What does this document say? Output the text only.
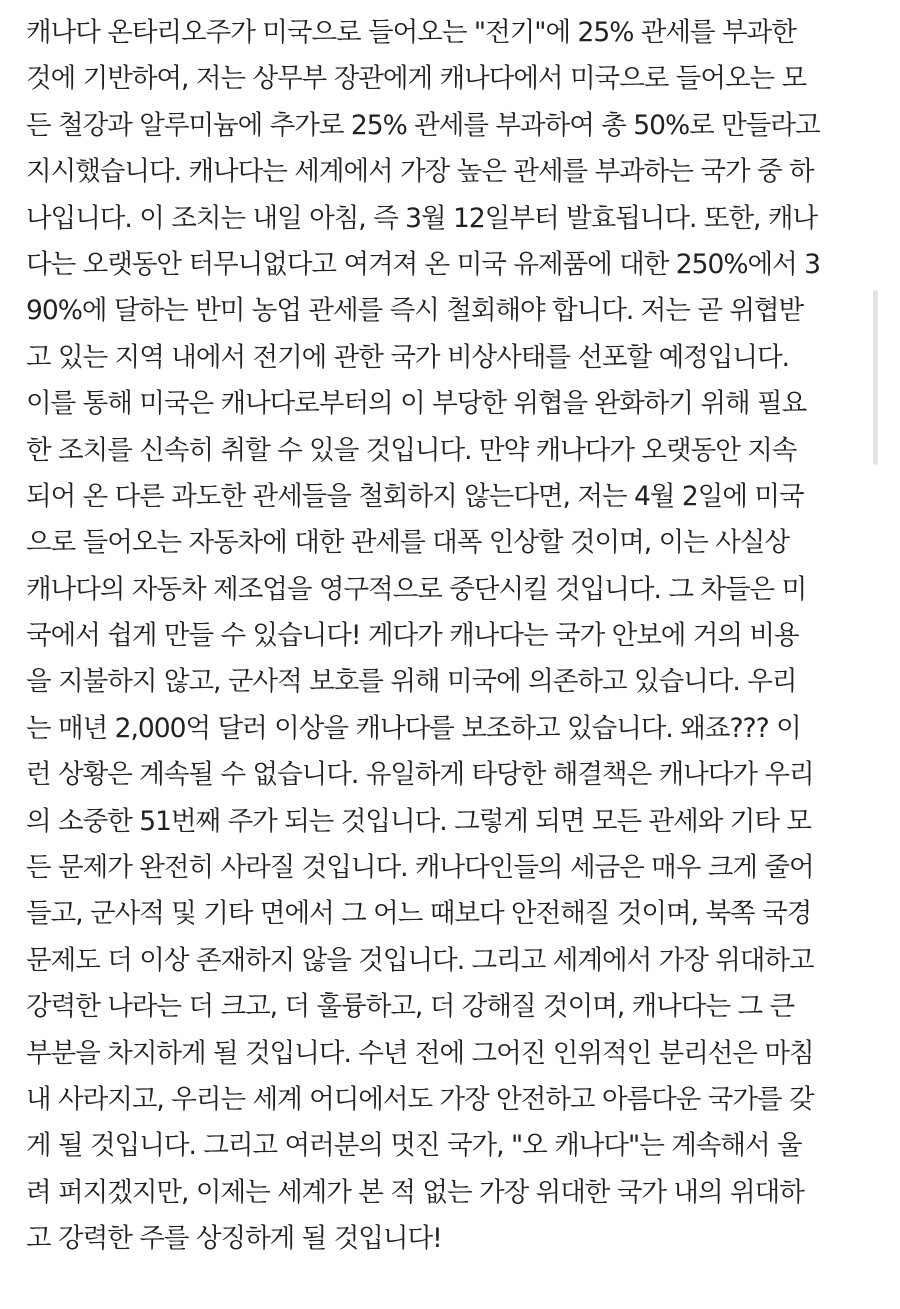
캐나다 온타리오주가 미국으로 들어오는 "전기"에 25% 관세를 부과한
것에 기반하여, 저는 상무부 장관에게 캐나다에서 미국으로 들어오는 모
든 철강과 알루미늄에 추가로 25% 관세를 부과하여 총 50%로 만들라고
지시했습니다. 캐나다는 세계에서 가장 높은 관세를 부과하는 국가 중 하
나입니다. 이 조치는 내일 아침, 즉 3월 12일부터 발효됩니다. 또한, 캐나
다는 오랫동안 터무니없다고 여겨져 온 미국 유제품에 대한 250%에서 3
90%에 달하는 반미 농업 관세를 즉시 철회해야 합니다. 저는 곧 위협받
고 있는 지역 내에서 전기에 관한 국가 비상사태를 선포할 예정입니다.
이를 통해 미국은 캐나다로부터의 이 부당한 위협을 완화하기 위해 필요
한 조치를 신속히 취할 수 있을 것입니다. 만약 캐나다가 오랫동안 지속
되어 온 다른 과도한 관세들을 철회하지 않는다면, 저는 4월 2일에 미국
으로 들어오는 자동차에 대한 관세를 대폭 인상할 것이며, 이는 사실상
캐나다의 자동차 제조업을 영구적으로 중단시킬 것입니다. 그 차들은 미
국에서 쉽게 만들 수 있습니다! 게다가 캐나다는 국가 안보에 거의 비용
을 지불하지 않고, 군사적 보호를 위해 미국에 의존하고 있습니다. 우리
는 매년 2,000억 달러 이상을 캐나다를 보조하고 있습니다. 왜죠??? 이
런 상황은 계속될 수 없습니다. 유일하게 타당한 해결책은 캐나다가 우리
의 소중한 51번째 주가 되는 것입니다. 그렇게 되면 모든 관세와 기타 모
든 문제가 완전히 사라질 것입니다. 캐나다인들의 세금은 매우 크게 줄어
들고, 군사적 및 기타 면에서 그 어느 때보다 안전해질 것이며, 북쪽 국경
문제도 더 이상 존재하지 않을 것입니다. 그리고 세계에서 가장 위대하고
강력한 나라는 더 크고, 더 훌륭하고, 더 강해질 것이며, 캐나다는 그 큰
부분을 차지하게 될 것입니다. 수년 전에 그어진 인위적인 분리선은 마침
내 사라지고, 우리는 세계 어디에서도 가장 안전하고 아름다운 국가를 갖
게 될 것입니다. 그리고 여러분의 멋진 국가, "오 캐나다"는 계속해서 울
려 퍼지겠지만, 이제는 세계가 본 적 없는 가장 위대한 국가 내의 위대하
고 강력한 주를 상징하게 될 것입니다!
